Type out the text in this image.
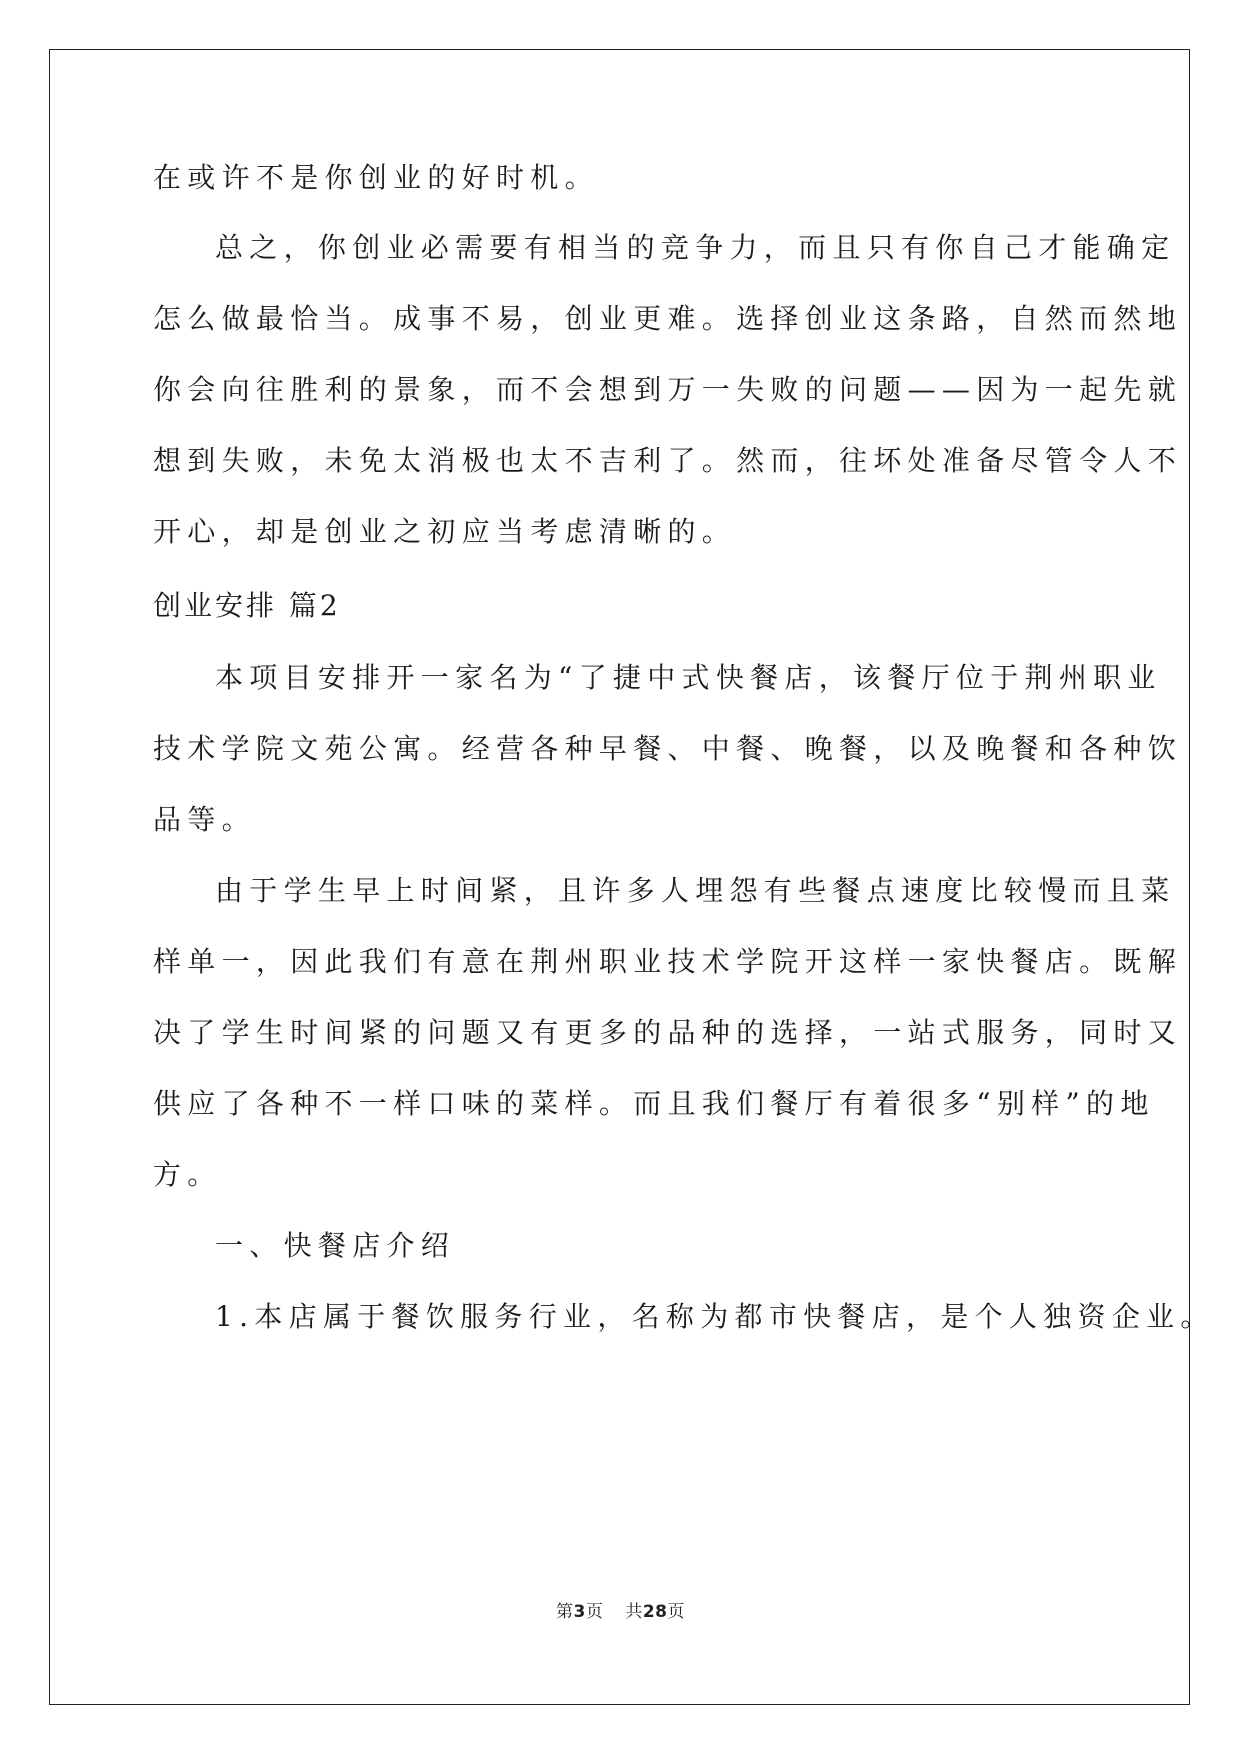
在或许不是你创业的好时机。
总之，你创业必需要有相当的竞争力，而且只有你自己才能确定
怎么做最恰当。成事不易，创业更难。选择创业这条路，自然而然地
你会向往胜利的景象，而不会想到万一失败的问题——因为一起先就
想到失败，未免太消极也太不吉利了。然而，往坏处准备尽管令人不
开心，却是创业之初应当考虑清晰的。
创业安排 篇2
本项目安排开一家名为“了捷中式快餐店，该餐厅位于荆州职业
技术学院文苑公寓。经营各种早餐、中餐、晚餐，以及晚餐和各种饮
品等。
由于学生早上时间紧，且许多人埋怨有些餐点速度比较慢而且菜
样单一，因此我们有意在荆州职业技术学院开这样一家快餐店。既解
决了学生时间紧的问题又有更多的品种的选择，一站式服务，同时又
供应了各种不一样口味的菜样。而且我们餐厅有着很多“别样”的地
方。
一、快餐店介绍
1.本店属于餐饮服务行业，名称为都市快餐店，是个人独资企业。
第3页 共28页
